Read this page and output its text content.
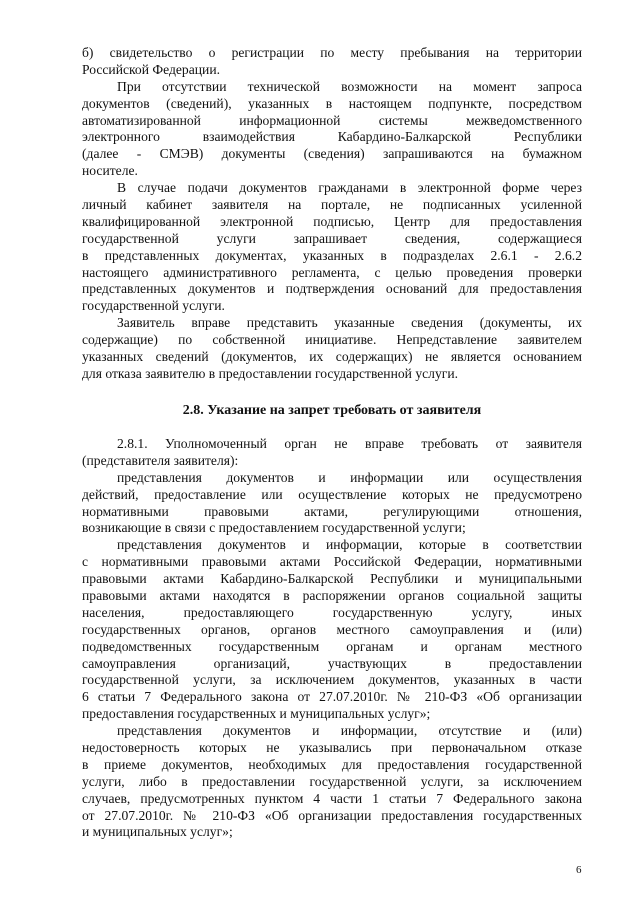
б) свидетельство о регистрации по месту пребывания на территории
Российской Федерации.
При отсутствии технической возможности на момент запроса
документов (сведений), указанных в настоящем подпункте, посредством
автоматизированной информационной системы межведомственного
электронного взаимодействия Кабардино-Балкарской Республики
(далее - СМЭВ) документы (сведения) запрашиваются на бумажном
носителе.
В случае подачи документов гражданами в электронной форме через
личный кабинет заявителя на портале, не подписанных усиленной
квалифицированной электронной подписью, Центр для предоставления
государственной услуги запрашивает сведения, содержащиеся
в представленных документах, указанных в подразделах 2.6.1 - 2.6.2
настоящего административного регламента, с целью проведения проверки
представленных документов и подтверждения оснований для предоставления
государственной услуги.
Заявитель вправе представить указанные сведения (документы, их
содержащие) по собственной инициативе. Непредставление заявителем
указанных сведений (документов, их содержащих) не является основанием
для отказа заявителю в предоставлении государственной услуги.
2.8. Указание на запрет требовать от заявителя
2.8.1. Уполномоченный орган не вправе требовать от заявителя
(представителя заявителя):
представления документов и информации или осуществления
действий, предоставление или осуществление которых не предусмотрено
нормативными правовыми актами, регулирующими отношения,
возникающие в связи с предоставлением государственной услуги;
представления документов и информации, которые в соответствии
с нормативными правовыми актами Российской Федерации, нормативными
правовыми актами Кабардино-Балкарской Республики и муниципальными
правовыми актами находятся в распоряжении органов социальной защиты
населения, предоставляющего государственную услугу, иных
государственных органов, органов местного самоуправления и (или)
подведомственных государственным органам и органам местного
самоуправления организаций, участвующих в предоставлении
государственной услуги, за исключением документов, указанных в части
6 статьи 7 Федерального закона от 27.07.2010г. № 210-ФЗ «Об организации
предоставления государственных и муниципальных услуг»;
представления документов и информации, отсутствие и (или)
недостоверность которых не указывались при первоначальном отказе
в приеме документов, необходимых для предоставления государственной
услуги, либо в предоставлении государственной услуги, за исключением
случаев, предусмотренных пунктом 4 части 1 статьи 7 Федерального закона
от 27.07.2010г. № 210-ФЗ «Об организации предоставления государственных
и муниципальных услуг»;
6
